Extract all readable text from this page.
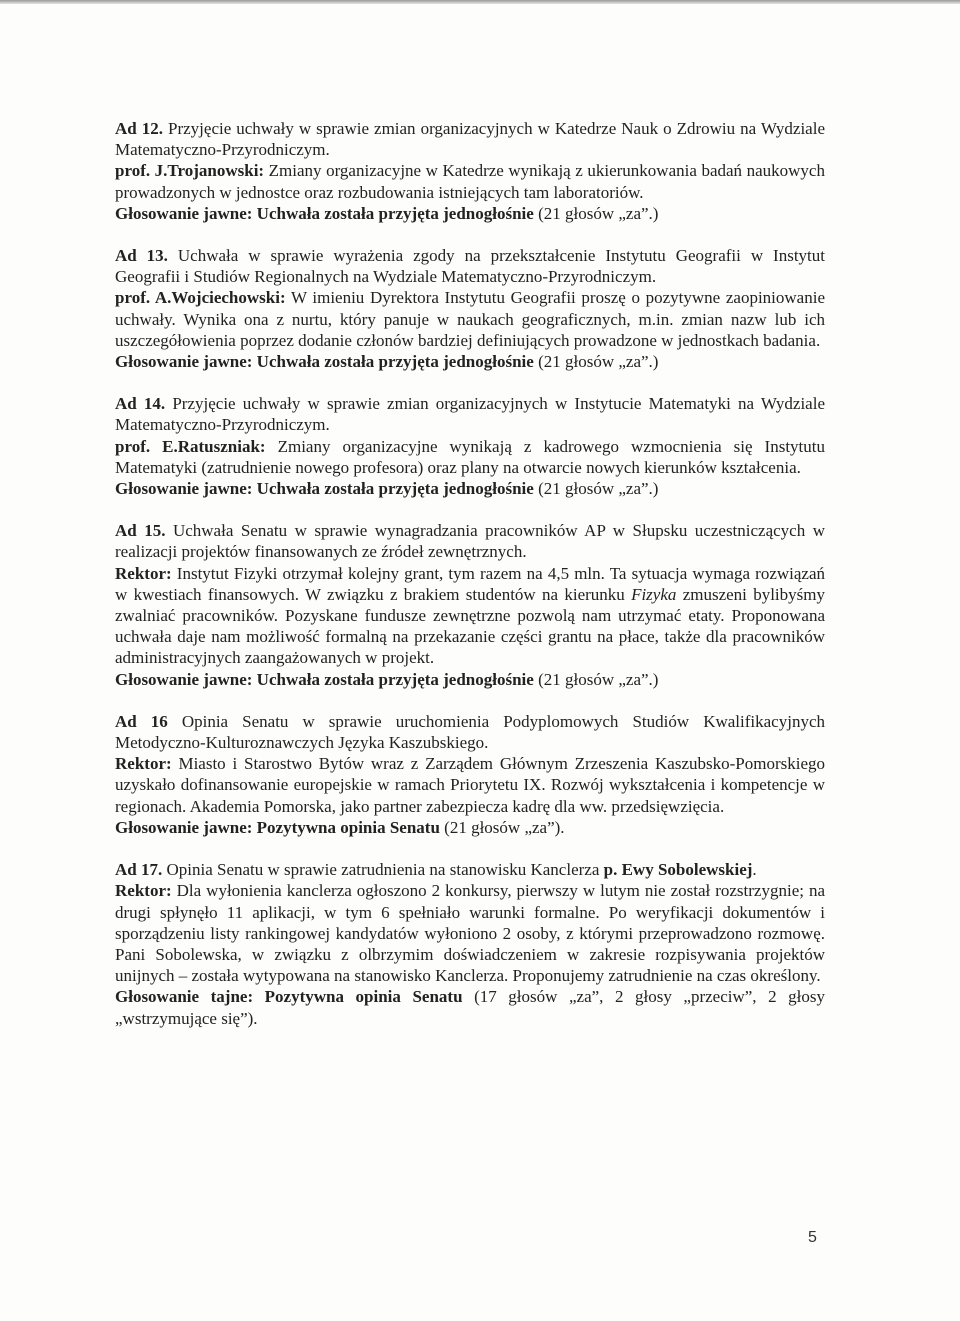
Ad 12. Przyjęcie uchwały w sprawie zmian organizacyjnych w Katedrze Nauk o Zdrowiu na Wydziale Matematyczno-Przyrodniczym.

prof. J.Trojanowski: Zmiany organizacyjne w Katedrze wynikają z ukierunkowania badań naukowych prowadzonych w jednostce oraz rozbudowania istniejących tam laboratoriów.

Głosowanie jawne: Uchwała została przyjęta jednogłośnie (21 głosów „za”.)

Ad 13. Uchwała w sprawie wyrażenia zgody na przekształcenie Instytutu Geografii w Instytut Geografii i Studiów Regionalnych na Wydziale Matematyczno-Przyrodniczym.

prof. A.Wojciechowski: W imieniu Dyrektora Instytutu Geografii proszę o pozytywne zaopiniowanie uchwały. Wynika ona z nurtu, który panuje w naukach geograficznych, m.in. zmian nazw lub ich uszczegółowienia poprzez dodanie członów bardziej definiujących prowadzone w jednostkach badania.

Głosowanie jawne: Uchwała została przyjęta jednogłośnie (21 głosów „za”.)

Ad 14. Przyjęcie uchwały w sprawie zmian organizacyjnych w Instytucie Matematyki na Wydziale Matematyczno-Przyrodniczym.

prof. E.Ratuszniak: Zmiany organizacyjne wynikają z kadrowego wzmocnienia się Instytutu Matematyki (zatrudnienie nowego profesora) oraz plany na otwarcie nowych kierunków kształcenia.

Głosowanie jawne: Uchwała została przyjęta jednogłośnie (21 głosów „za”.)

Ad 15. Uchwała Senatu w sprawie wynagradzania pracowników AP w Słupsku uczestniczących w realizacji projektów finansowanych ze źródeł zewnętrznych.

Rektor: Instytut Fizyki otrzymał kolejny grant, tym razem na 4,5 mln. Ta sytuacja wymaga rozwiązań w kwestiach finansowych. W związku z brakiem studentów na kierunku Fizyka zmuszeni bylibyśmy zwalniać pracowników. Pozyskane fundusze zewnętrzne pozwolą nam utrzymać etaty. Proponowana uchwała daje nam możliwość formalną na przekazanie części grantu na płace, także dla pracowników administracyjnych zaangażowanych w projekt.

Głosowanie jawne: Uchwała została przyjęta jednogłośnie (21 głosów „za”.)

Ad 16 Opinia Senatu w sprawie uruchomienia Podyplomowych Studiów Kwalifikacyjnych Metodyczno-Kulturoznawczych Języka Kaszubskiego.

Rektor: Miasto i Starostwo Bytów wraz z Zarządem Głównym Zrzeszenia Kaszubsko-Pomorskiego uzyskało dofinansowanie europejskie w ramach Priorytetu IX. Rozwój wykształcenia i kompetencje w regionach. Akademia Pomorska, jako partner zabezpiecza kadrę dla ww. przedsięwzięcia.

Głosowanie jawne: Pozytywna opinia Senatu (21 głosów „za”).

Ad 17. Opinia Senatu w sprawie zatrudnienia na stanowisku Kanclerza p. Ewy Sobolewskiej.

Rektor: Dla wyłonienia kanclerza ogłoszono 2 konkursy, pierwszy w lutym nie został rozstrzygnie; na drugi spłynęło 11 aplikacji, w tym 6 spełniało warunki formalne. Po weryfikacji dokumentów i sporządzeniu listy rankingowej kandydatów wyłoniono 2 osoby, z którymi przeprowadzono rozmowę. Pani Sobolewska, w związku z olbrzymim doświadczeniem w zakresie rozpisywania projektów unijnych – została wytypowana na stanowisko Kanclerza. Proponujemy zatrudnienie na czas określony.

Głosowanie tajne: Pozytywna opinia Senatu (17 głosów „za”, 2 głosy „przeciw”, 2 głosy „wstrzymujące się”).

5
